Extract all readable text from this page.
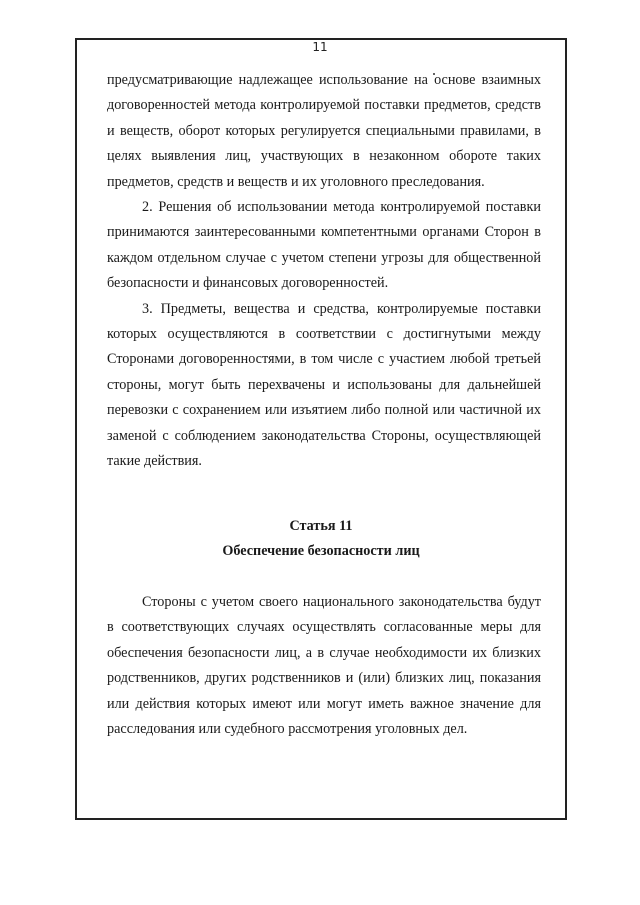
11

предусматривающие надлежащее использование на основе взаимных договоренностей метода контролируемой поставки предметов, средств и веществ, оборот которых регулируется специальными правилами, в целях выявления лиц, участвующих в незаконном обороте таких предметов, средств и веществ и их уголовного преследования.

2. Решения об использовании метода контролируемой поставки принимаются заинтересованными компетентными органами Сторон в каждом отдельном случае с учетом степени угрозы для общественной безопасности и финансовых договоренностей.

3. Предметы, вещества и средства, контролируемые поставки которых осуществляются в соответствии с достигнутыми между Сторонами договоренностями, в том числе с участием любой третьей стороны, могут быть перехвачены и использованы для дальнейшей перевозки с сохранением или изъятием либо полной или частичной их заменой с соблюдением законодательства Стороны, осуществляющей такие действия.

Статья 11
Обеспечение безопасности лиц

Стороны с учетом своего национального законодательства будут в соответствующих случаях осуществлять согласованные меры для обеспечения безопасности лиц, а в случае необходимости их близких родственников, других родственников и (или) близких лиц, показания или действия которых имеют или могут иметь важное значение для расследования или судебного рассмотрения уголовных дел.
